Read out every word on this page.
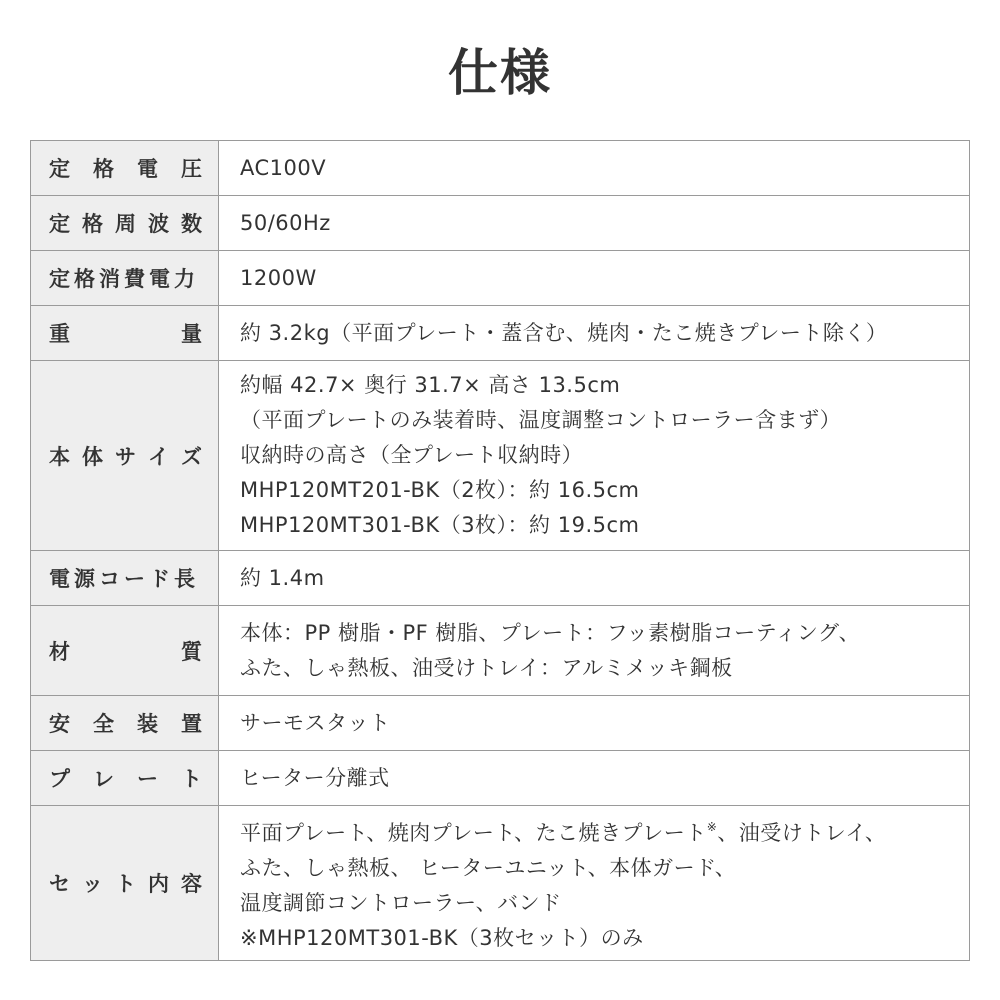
仕様
定 格 電 圧	AC100V

定 格 周 波 数	50/60Hz

定格消費電力	1200W

重 量	約 3.2kg（平面プレート・蓋含む、焼肉・たこ焼きプレート除く）

本 体 サ イ ズ	約幅 42.7× 奥行 31.7× 高さ 13.5cm
（平面プレートのみ装着時、温度調整コントローラー含まず）
収納時の高さ（全プレート収納時）
MHP120MT201-BK（2枚）：約 16.5cm
MHP120MT301-BK（3枚）：約 19.5cm

電源コード長	約 1.4m

材 質	本体：PP 樹脂・PF 樹脂、プレート：フッ素樹脂コーティング、
ふた、しゃ熱板、油受けトレイ：アルミメッキ鋼板

安 全 装 置	サーモスタット

プ レ ー ト	ヒーター分離式

セ ッ ト 内 容	平面プレート、焼肉プレート、たこ焼きプレート※、油受けトレイ、
ふた、しゃ熱板、 ヒーターユニット、本体ガード、
温度調節コントローラー、バンド
※MHP120MT301-BK（3枚セット）のみ
